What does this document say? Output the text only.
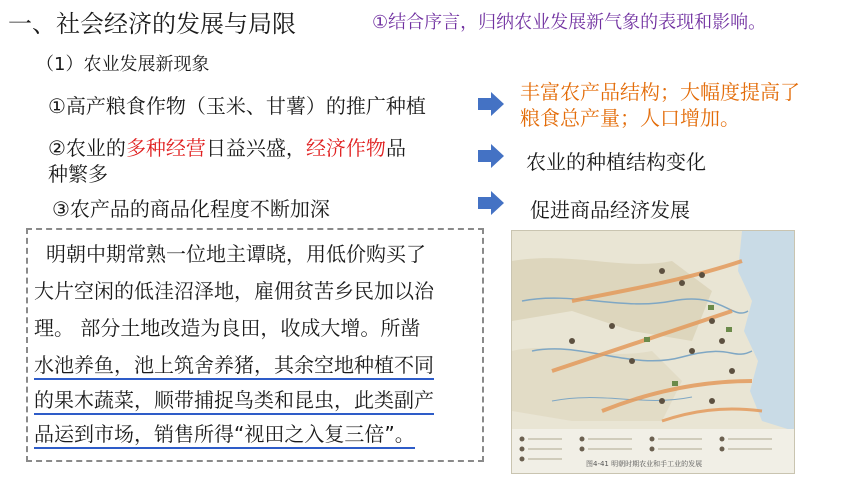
一、社会经济的发展与局限	①结合序言，归纳农业发展新气象的表现和影响。
（1）农业发展新现象
①高产粮食作物（玉米、甘薯）的推广种植
丰富农产品结构；大幅度提高了
粮食总产量；人口增加。
②农业的多种经营日益兴盛，经济作物品
种繁多	农业的种植结构变化
③农产品的商品化程度不断加深	促进商品经济发展
明朝中期常熟一位地主谭晓，用低价购买了
大片空闲的低洼沼泽地，雇佣贫苦乡民加以治
理。 部分土地改造为良田，收成大增。所凿
水池养鱼，池上筑舍养猪，其余空地种植不同
的果木蔬菜，顺带捕捉鸟类和昆虫，此类副产
品运到市场，销售所得“视田之入复三倍”。
图4-41 明朝时期农业和手工业的发展
